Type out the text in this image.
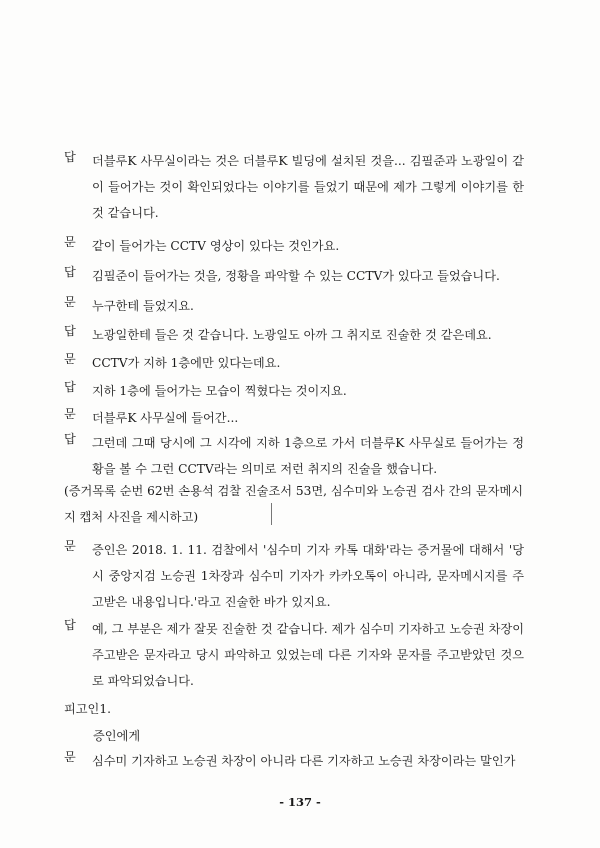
답	더블루K 사무실이라는 것은 더블루K 빌딩에 설치된 것을... 김필준과 노광일이 같이 들어가는 것이 확인되었다는 이야기를 들었기 때문에 제가 그렇게 이야기를 한 것 같습니다.
문	같이 들어가는 CCTV 영상이 있다는 것인가요.
답	김필준이 들어가는 것을, 정황을 파악할 수 있는 CCTV가 있다고 들었습니다.
문	누구한테 들었지요.
답	노광일한테 들은 것 같습니다. 노광일도 아까 그 취지로 진술한 것 같은데요.
문	CCTV가 지하 1층에만 있다는데요.
답	지하 1층에 들어가는 모습이 찍혔다는 것이지요.
문	더블루K 사무실에 들어간...
답	그런데 그때 당시에 그 시각에 지하 1층으로 가서 더블루K 사무실로 들어가는 정황을 볼 수 그런 CCTV라는 의미로 저런 취지의 진술을 했습니다.
(증거목록 순번 62번 손용석 검찰 진술조서 53면, 심수미와 노승권 검사 간의 문자메시지 캡처 사진을 제시하고)
문	증인은 2018. 1. 11. 검찰에서 '심수미 기자 카톡 대화'라는 증거물에 대해서 '당시 중앙지검 노승권 1차장과 심수미 기자가 카카오톡이 아니라, 문자메시지를 주고받은 내용입니다.'라고 진술한 바가 있지요.
답	예, 그 부분은 제가 잘못 진술한 것 같습니다. 제가 심수미 기자하고 노승권 차장이 주고받은 문자라고 당시 파악하고 있었는데 다른 기자와 문자를 주고받았던 것으로 파악되었습니다.
피고인1.
증인에게
문	심수미 기자하고 노승권 차장이 아니라 다른 기자하고 노승권 차장이라는 말인가
- 137 -
